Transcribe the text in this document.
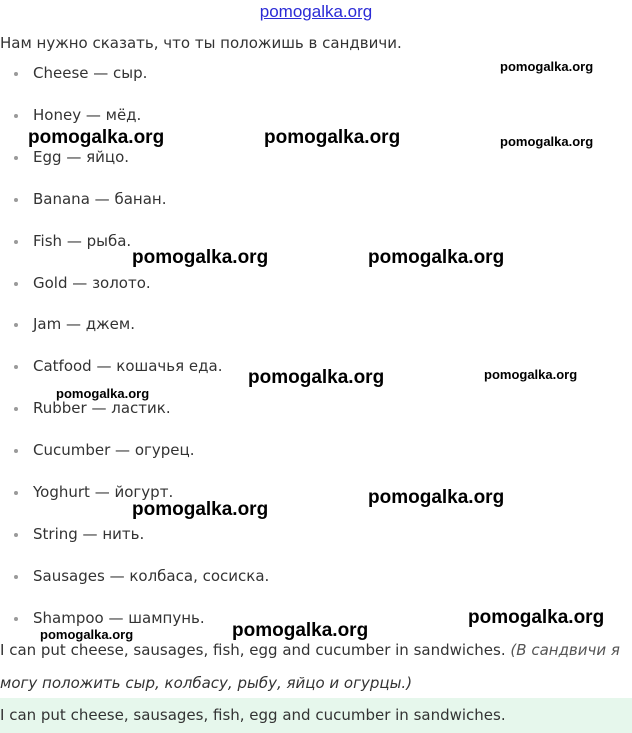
pomogalka.org
Нам нужно сказать, что ты положишь в сандвичи.
Cheese — сыр.
Honey — мёд.
Egg — яйцо.
Banana — банан.
Fish — рыба.
Gold — золото.
Jam — джем.
Catfood — кошачья еда.
Rubber — ластик.
Cucumber — огурец.
Yoghurt — йогурт.
String — нить.
Sausages — колбаса, сосиска.
Shampoo — шампунь.
I can put cheese, sausages, fish, egg and cucumber in sandwiches. (В сандвичи я
могу положить сыр, колбасу, рыбу, яйцо и огурцы.)
I can put cheese, sausages, fish, egg and cucumber in sandwiches.
pomogalka.org
pomogalka.org	pomogalka.org	pomogalka.org
pomogalka.org	pomogalka.org
pomogalka.org	pomogalka.org
pomogalka.org
pomogalka.org
pomogalka.org
pomogalka.org
pomogalka.org
pomogalka.org
